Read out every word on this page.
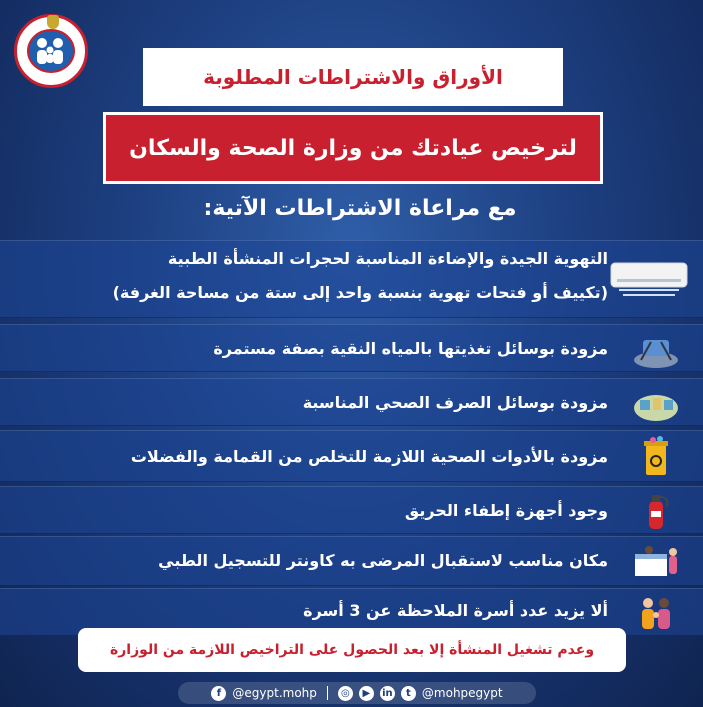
الأوراق والاشتراطات المطلوبة
لترخيص عيادتك من وزارة الصحة والسكان
مع مراعاة الاشتراطات الآتية:
التهوية الجيدة والإضاءة المناسبة لحجرات المنشأة الطبية
(تكييف أو فتحات تهوية بنسبة واحد إلى ستة من مساحة الغرفة)
مزودة بوسائل تغذيتها بالمياه النقية بصفة مستمرة
مزودة بوسائل الصرف الصحي المناسبة
مزودة بالأدوات الصحية اللازمة للتخلص من القمامة والفضلات
وجود أجهزة إطفاء الحريق
مكان مناسب لاستقبال المرضى به كاونتر للتسجيل الطبي
ألا يزيد عدد أسرة الملاحظة عن 3 أسرة
وعدم تشغيل المنشأة إلا بعد الحصول على التراخيص اللازمة من الوزارة
f @egypt.mohp	◎	▶	in	t @mohpegypt
